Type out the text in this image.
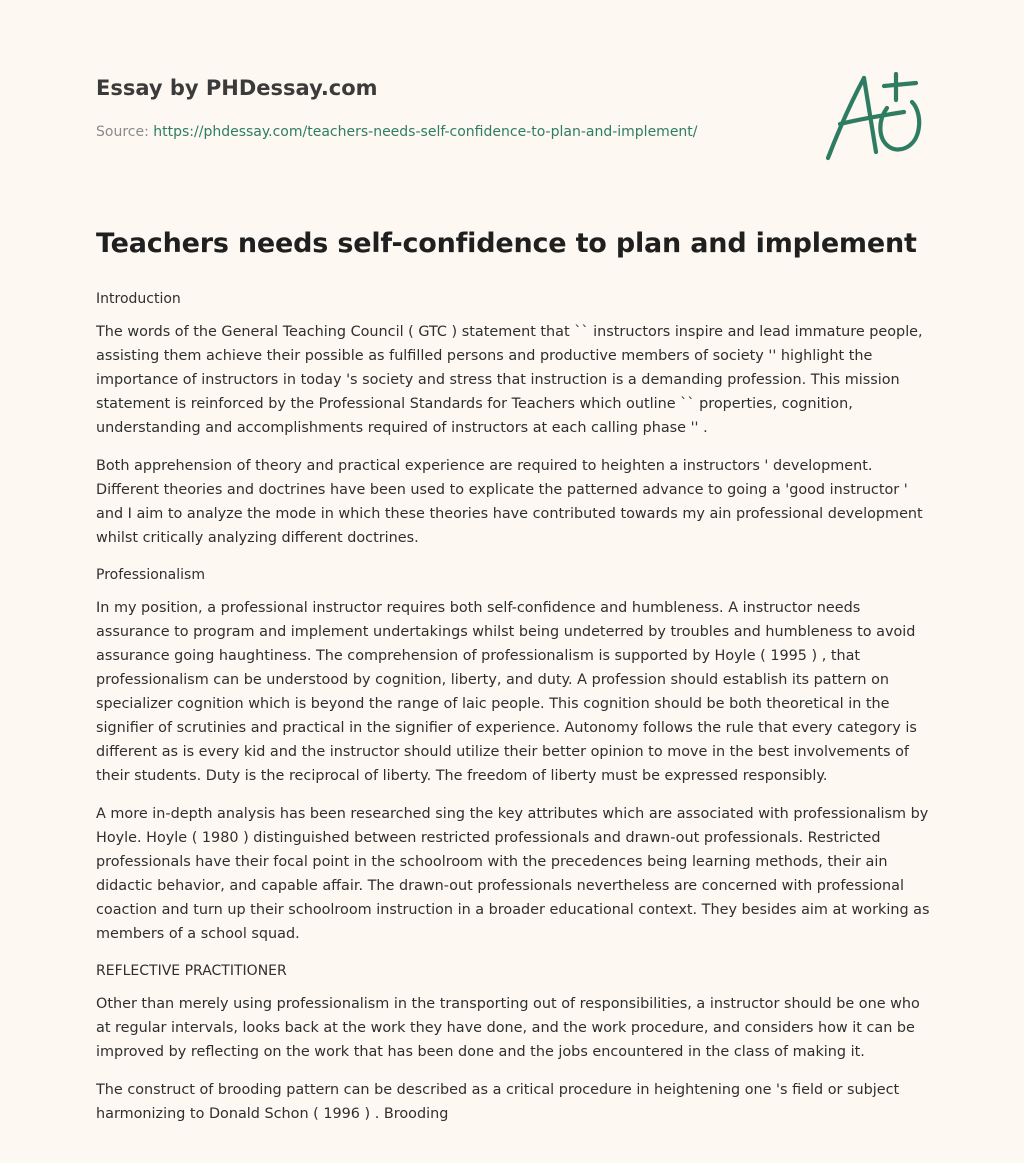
Essay by PHDessay.com
Source: https://phdessay.com/teachers-needs-self-confidence-to-plan-and-implement/
Teachers needs self-confidence to plan and implement

Introduction

The words of the General Teaching Council ( GTC ) statement that `` instructors inspire and lead immature people, assisting them achieve their possible as fulfilled persons and productive members of society '' highlight the importance of instructors in today 's society and stress that instruction is a demanding profession. This mission statement is reinforced by the Professional Standards for Teachers which outline `` properties, cognition, understanding and accomplishments required of instructors at each calling phase '' .

Both apprehension of theory and practical experience are required to heighten a instructors ' development. Different theories and doctrines have been used to explicate the patterned advance to going a 'good instructor ' and I aim to analyze the mode in which these theories have contributed towards my ain professional development whilst critically analyzing different doctrines.

Professionalism

In my position, a professional instructor requires both self-confidence and humbleness. A instructor needs assurance to program and implement undertakings whilst being undeterred by troubles and humbleness to avoid assurance going haughtiness. The comprehension of professionalism is supported by Hoyle ( 1995 ) , that professionalism can be understood by cognition, liberty, and duty. A profession should establish its pattern on specializer cognition which is beyond the range of laic people. This cognition should be both theoretical in the signifier of scrutinies and practical in the signifier of experience. Autonomy follows the rule that every category is different as is every kid and the instructor should utilize their better opinion to move in the best involvements of their students. Duty is the reciprocal of liberty. The freedom of liberty must be expressed responsibly.

A more in-depth analysis has been researched sing the key attributes which are associated with professionalism by Hoyle. Hoyle ( 1980 ) distinguished between restricted professionals and drawn-out professionals. Restricted professionals have their focal point in the schoolroom with the precedences being learning methods, their ain didactic behavior, and capable affair. The drawn-out professionals nevertheless are concerned with professional coaction and turn up their schoolroom instruction in a broader educational context. They besides aim at working as members of a school squad.

REFLECTIVE PRACTITIONER

Other than merely using professionalism in the transporting out of responsibilities, a instructor should be one who at regular intervals, looks back at the work they have done, and the work procedure, and considers how it can be improved by reflecting on the work that has been done and the jobs encountered in the class of making it.

The construct of brooding pattern can be described as a critical procedure in heightening one 's field or subject harmonizing to Donald Schon ( 1996 ) . Brooding
